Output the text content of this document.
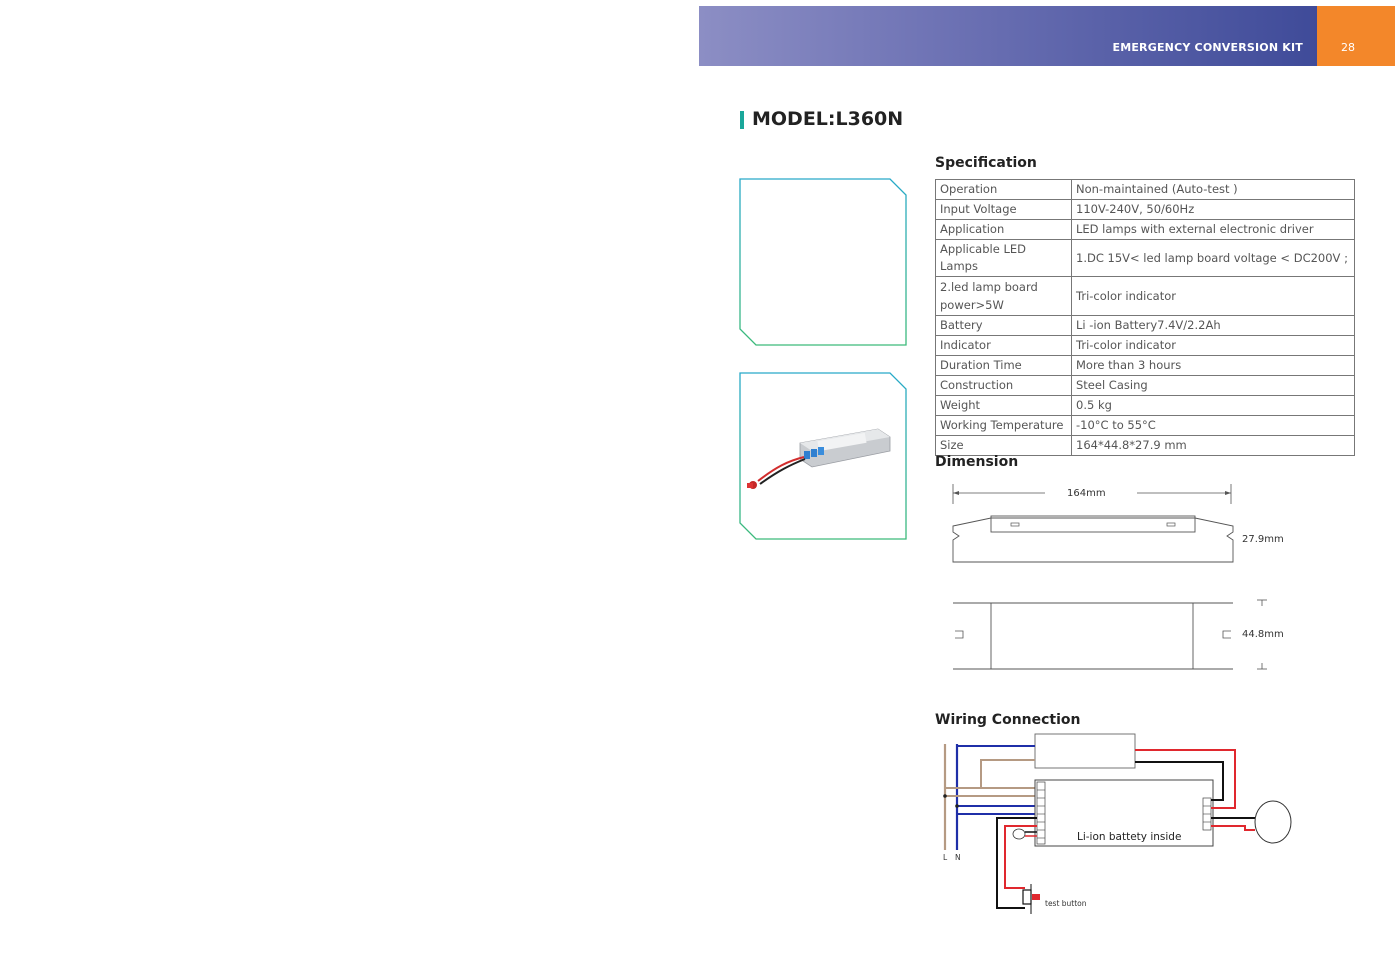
EMERGENCY CONVERSION KIT	28
MODEL:L360N
Specification
Operation	Non-maintained (Auto-test )
Input Voltage	110V-240V, 50/60Hz
Application	LED lamps with external electronic driver
Applicable LED Lamps	1.DC 15V< led lamp board voltage < DC200V ;
2.led lamp board power>5W	Tri-color indicator
Battery	Li -ion Battery7.4V/2.2Ah
Indicator	Tri-color indicator
Duration Time	More than 3 hours
Construction	Steel Casing
Weight	0.5 kg
Working Temperature	-10°C to 55°C
Size	164*44.8*27.9 mm
Dimension
164mm
27.9mm
44.8mm
Wiring Connection
Li-ion battety inside
L N
test button
